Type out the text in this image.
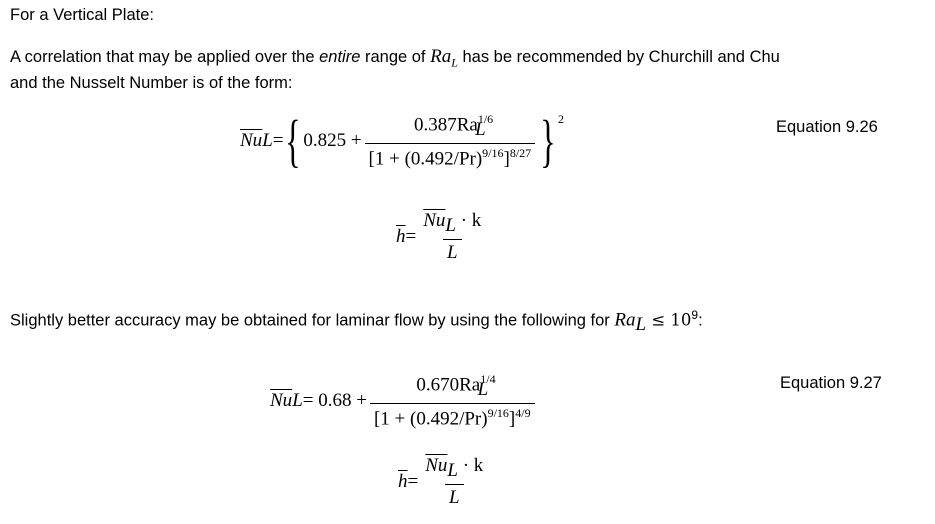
For a Vertical Plate:
A correlation that may be applied over the entire range of $Ra_L$ has be recommended by Churchill and Chu
and the Nusselt Number is of the form:
$\overline{Nu}$ L = { $0.825 + \frac{0.387Ra^{1/6}_L}{[1 + (0.492/Pr)^{9/16}]^{8/27}} \}^2$	Equation 9.26
$\overline{h} = \frac{\overline{Nu}_L \cdot k}{L}$
Slightly better accuracy may be obtained for laminar flow by using the following for $Ra_L \le 10^9$:
$\overline{Nu}$ $L = 0.68 + \frac{0.670Ra^{1/4}_L}{[1 + (0.492/Pr)^{9/16}]^{4/9}}$	Equation 9.27
$\overline{h} = \frac{\overline{Nu}_L \cdot k}{L}$
